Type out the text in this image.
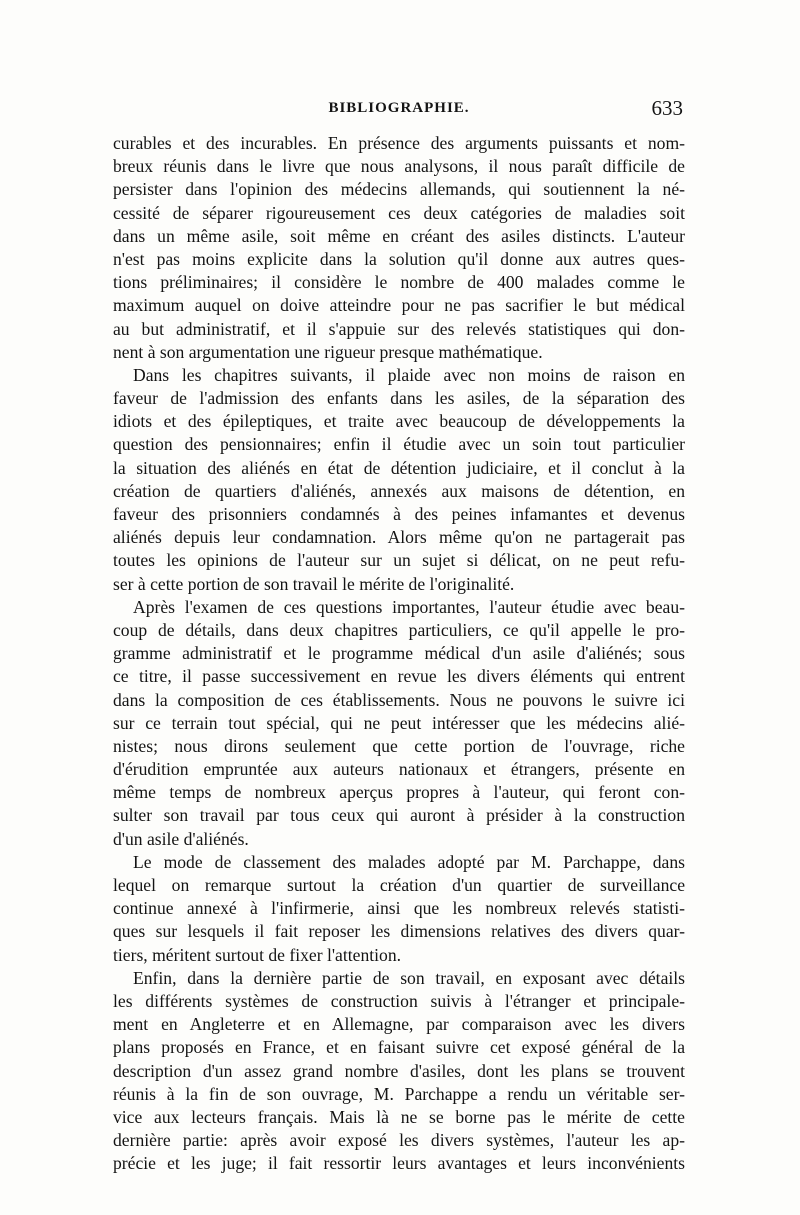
BIBLIOGRAPHIE.	633
curables et des incurables. En présence des arguments puissants et nom-
breux réunis dans le livre que nous analysons, il nous paraît difficile de
persister dans l'opinion des médecins allemands, qui soutiennent la né-
cessité de séparer rigoureusement ces deux catégories de maladies soit
dans un même asile, soit même en créant des asiles distincts. L'auteur
n'est pas moins explicite dans la solution qu'il donne aux autres ques-
tions préliminaires; il considère le nombre de 400 malades comme le
maximum auquel on doive atteindre pour ne pas sacrifier le but médical
au but administratif, et il s'appuie sur des relevés statistiques qui don-
nent à son argumentation une rigueur presque mathématique.
Dans les chapitres suivants, il plaide avec non moins de raison en
faveur de l'admission des enfants dans les asiles, de la séparation des
idiots et des épileptiques, et traite avec beaucoup de développements la
question des pensionnaires; enfin il étudie avec un soin tout particulier
la situation des aliénés en état de détention judiciaire, et il conclut à la
création de quartiers d'aliénés, annexés aux maisons de détention, en
faveur des prisonniers condamnés à des peines infamantes et devenus
aliénés depuis leur condamnation. Alors même qu'on ne partagerait pas
toutes les opinions de l'auteur sur un sujet si délicat, on ne peut refu-
ser à cette portion de son travail le mérite de l'originalité.
Après l'examen de ces questions importantes, l'auteur étudie avec beau-
coup de détails, dans deux chapitres particuliers, ce qu'il appelle le pro-
gramme administratif et le programme médical d'un asile d'aliénés; sous
ce titre, il passe successivement en revue les divers éléments qui entrent
dans la composition de ces établissements. Nous ne pouvons le suivre ici
sur ce terrain tout spécial, qui ne peut intéresser que les médecins alié-
nistes; nous dirons seulement que cette portion de l'ouvrage, riche
d'érudition empruntée aux auteurs nationaux et étrangers, présente en
même temps de nombreux aperçus propres à l'auteur, qui feront con-
sulter son travail par tous ceux qui auront à présider à la construction
d'un asile d'aliénés.
Le mode de classement des malades adopté par M. Parchappe, dans
lequel on remarque surtout la création d'un quartier de surveillance
continue annexé à l'infirmerie, ainsi que les nombreux relevés statisti-
ques sur lesquels il fait reposer les dimensions relatives des divers quar-
tiers, méritent surtout de fixer l'attention.
Enfin, dans la dernière partie de son travail, en exposant avec détails
les différents systèmes de construction suivis à l'étranger et principale-
ment en Angleterre et en Allemagne, par comparaison avec les divers
plans proposés en France, et en faisant suivre cet exposé général de la
description d'un assez grand nombre d'asiles, dont les plans se trouvent
réunis à la fin de son ouvrage, M. Parchappe a rendu un véritable ser-
vice aux lecteurs français. Mais là ne se borne pas le mérite de cette
dernière partie: après avoir exposé les divers systèmes, l'auteur les ap-
précie et les juge; il fait ressortir leurs avantages et leurs inconvénients
